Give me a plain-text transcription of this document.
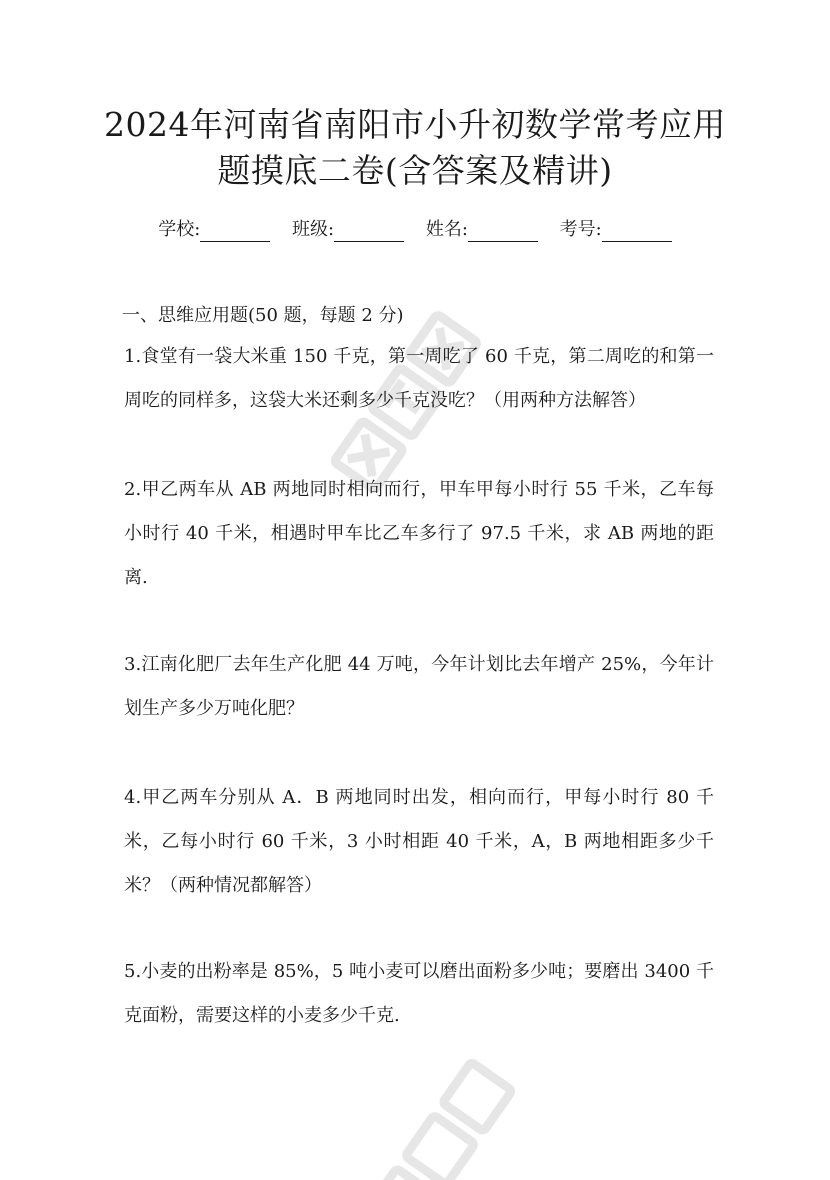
2024年河南省南阳市小升初数学常考应用
题摸底二卷(含答案及精讲)
学校:	班级:	姓名:	考号:
一、思维应用题(50 题，每题 2 分)
1.食堂有一袋大米重 150 千克，第一周吃了 60 千克，第二周吃的和第一周吃的同样多，这袋大米还剩多少千克没吃？（用两种方法解答）
2.甲乙两车从 AB 两地同时相向而行，甲车甲每小时行 55 千米，乙车每小时行 40 千米，相遇时甲车比乙车多行了 97.5 千米，求 AB 两地的距离.
3.江南化肥厂去年生产化肥 44 万吨，今年计划比去年增产 25%，今年计划生产多少万吨化肥？
4.甲乙两车分别从 A．B 两地同时出发，相向而行，甲每小时行 80 千米，乙每小时行 60 千米，3 小时相距 40 千米，A，B 两地相距多少千米？（两种情况都解答）
5.小麦的出粉率是 85%，5 吨小麦可以磨出面粉多少吨；要磨出 3400 千克面粉，需要这样的小麦多少千克.
